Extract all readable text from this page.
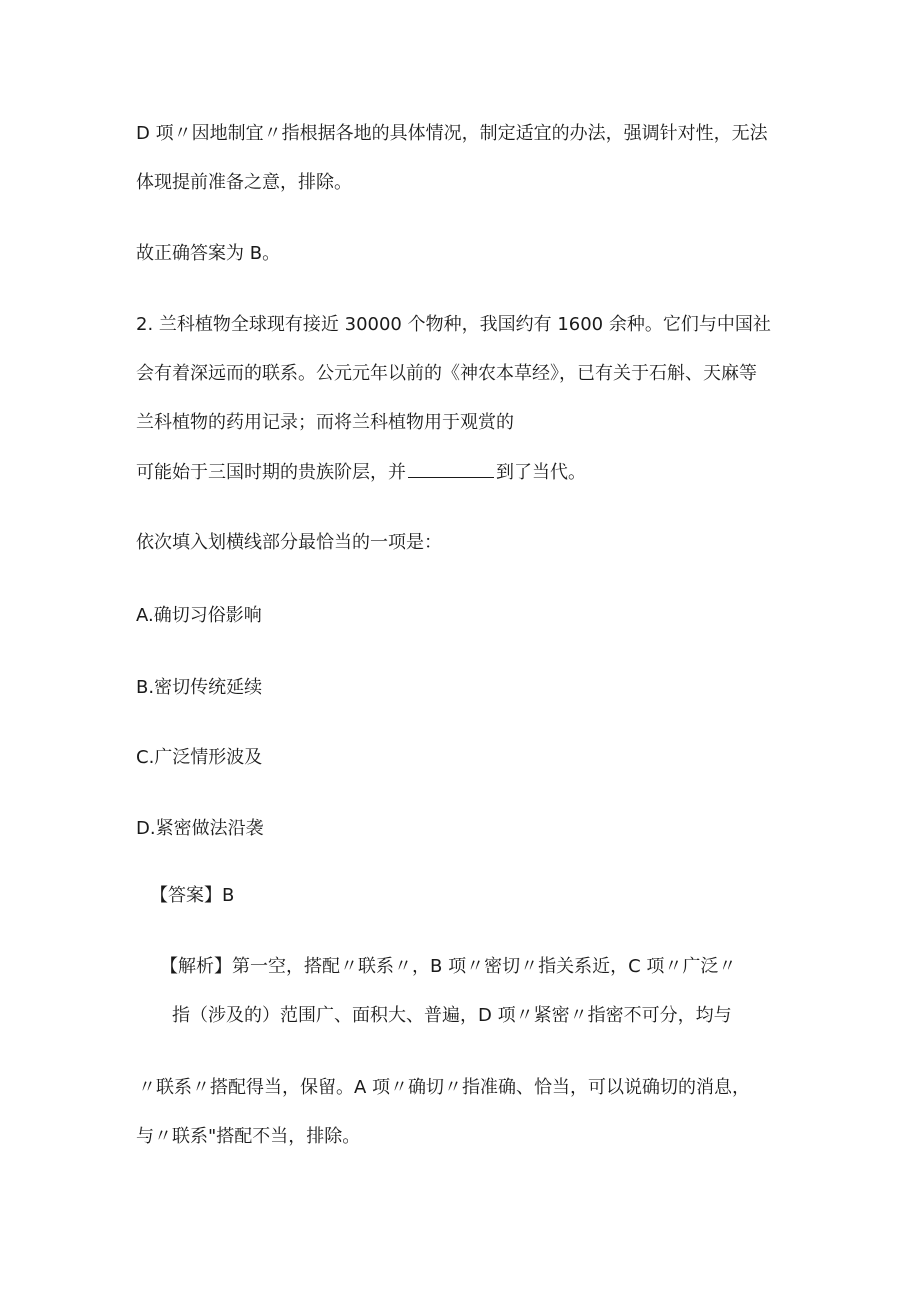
D 项〃因地制宜〃指根据各地的具体情况，制定适宜的办法，强调针对性，无法
体现提前准备之意，排除。
故正确答案为 B。
2. 兰科植物全球现有接近 30000 个物种，我国约有 1600 余种。它们与中国社
会有着深远而的联系。公元元年以前的《神农本草经》，已有关于石斛、天麻等
兰科植物的药用记录；而将兰科植物用于观赏的
可能始于三国时期的贵族阶层，并	到了当代。
依次填入划横线部分最恰当的一项是：
A.确切习俗影响
B.密切传统延续
C.广泛情形波及
D.紧密做法沿袭
【答案】B
【解析】第一空，搭配〃联系〃，B 项〃密切〃指关系近，C 项〃广泛〃
指（涉及的）范围广、面积大、普遍，D 项〃紧密〃指密不可分，均与
〃联系〃搭配得当，保留。A 项〃确切〃指准确、恰当，可以说确切的消息，
与〃联系"搭配不当，排除。
